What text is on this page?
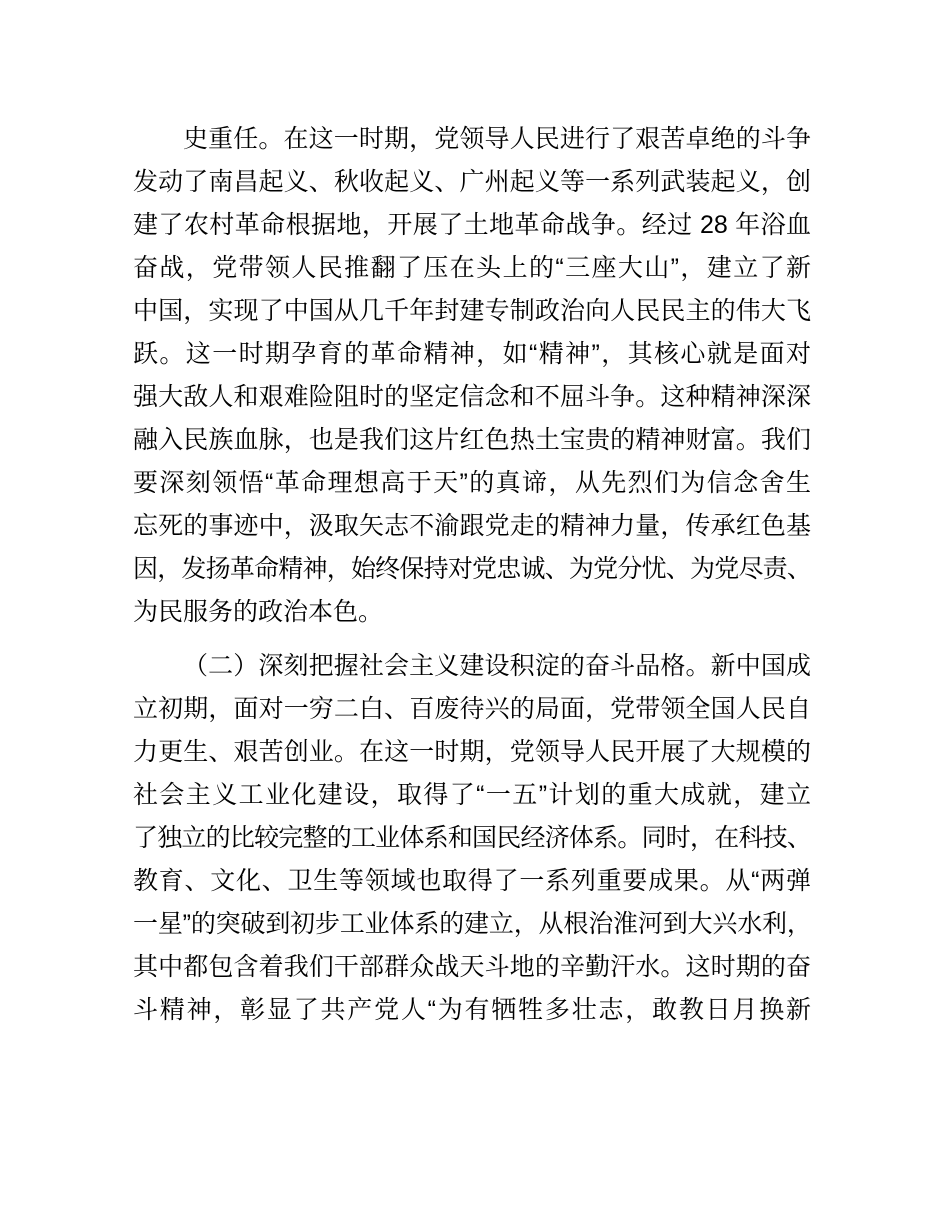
史重任。在这一时期，党领导人民进行了艰苦卓绝的斗争
发动了南昌起义、秋收起义、广州起义等一系列武装起义，创
建了农村革命根据地，开展了土地革命战争。经过 28 年浴血
奋战，党带领人民推翻了压在头上的“三座大山”，建立了新
中国，实现了中国从几千年封建专制政治向人民民主的伟大飞
跃。这一时期孕育的革命精神，如“精神”，其核心就是面对
强大敌人和艰难险阻时的坚定信念和不屈斗争。这种精神深深
融入民族血脉，也是我们这片红色热土宝贵的精神财富。我们
要深刻领悟“革命理想高于天”的真谛，从先烈们为信念舍生
忘死的事迹中，汲取矢志不渝跟党走的精神力量，传承红色基
因，发扬革命精神，始终保持对党忠诚、为党分忧、为党尽责、
为民服务的政治本色。
（二）深刻把握社会主义建设积淀的奋斗品格。新中国成
立初期，面对一穷二白、百废待兴的局面，党带领全国人民自
力更生、艰苦创业。在这一时期，党领导人民开展了大规模的
社会主义工业化建设，取得了“一五”计划的重大成就，建立
了独立的比较完整的工业体系和国民经济体系。同时，在科技、
教育、文化、卫生等领域也取得了一系列重要成果。从“两弹
一星”的突破到初步工业体系的建立，从根治淮河到大兴水利，
其中都包含着我们干部群众战天斗地的辛勤汗水。这时期的奋
斗精神，彰显了共产党人“为有牺牲多壮志，敢教日月换新
